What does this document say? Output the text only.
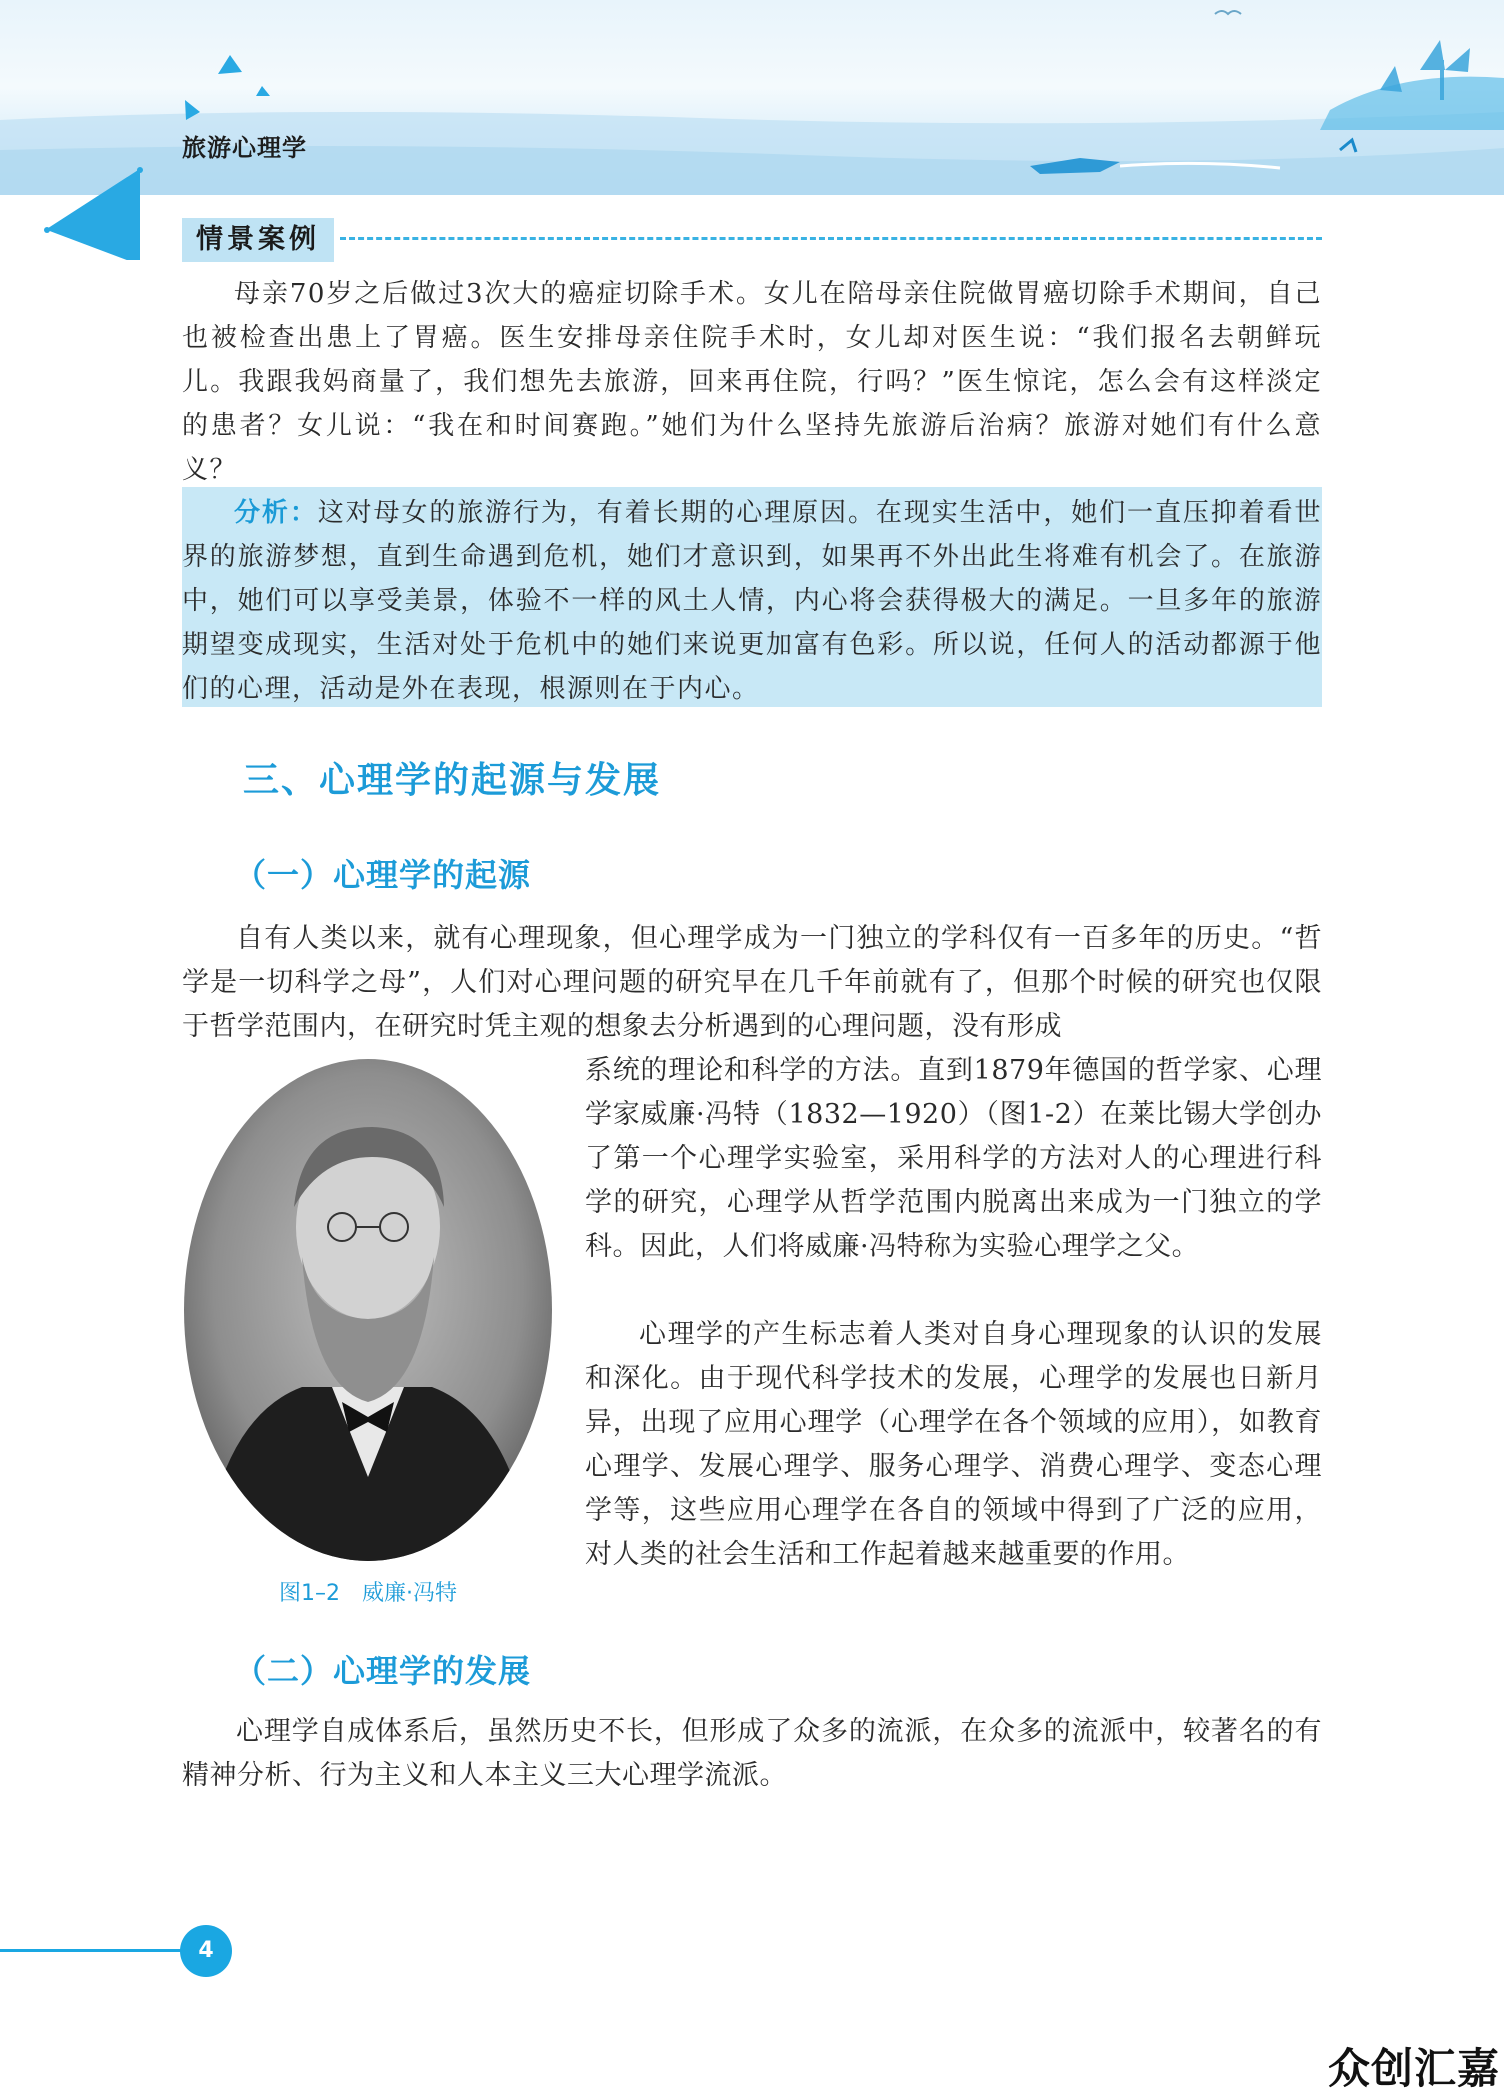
旅游心理学
情景案例

母亲70岁之后做过3次大的癌症切除手术。女儿在陪母亲住院做胃癌切除手术期间，自己也被检查出患上了胃癌。医生安排母亲住院手术时，女儿却对医生说：“我们报名去朝鲜玩儿。我跟我妈商量了，我们想先去旅游，回来再住院，行吗？”医生惊诧，怎么会有这样淡定的患者？女儿说：“我在和时间赛跑。”她们为什么坚持先旅游后治病？旅游对她们有什么意义？

分析：这对母女的旅游行为，有着长期的心理原因。在现实生活中，她们一直压抑着看世界的旅游梦想，直到生命遇到危机，她们才意识到，如果再不外出此生将难有机会了。在旅游中，她们可以享受美景，体验不一样的风土人情，内心将会获得极大的满足。一旦多年的旅游期望变成现实，生活对处于危机中的她们来说更加富有色彩。所以说，任何人的活动都源于他们的心理，活动是外在表现，根源则在于内心。
三、心理学的起源与发展
（一）心理学的起源

自有人类以来，就有心理现象，但心理学成为一门独立的学科仅有一百多年的历史。“哲学是一切科学之母”，人们对心理问题的研究早在几千年前就有了，但那个时候的研究也仅限于哲学范围内，在研究时凭主观的想象去分析遇到的心理问题，没有形成

系统的理论和科学的方法。直到1879年德国的哲学家、心理学家威廉·冯特（1832—1920）（图1-2）在莱比锡大学创办了第一个心理学实验室，采用科学的方法对人的心理进行科学的研究，心理学从哲学范围内脱离出来成为一门独立的学科。因此，人们将威廉·冯特称为实验心理学之父。

图1–2　威廉·冯特

心理学的产生标志着人类对自身心理现象的认识的发展和深化。由于现代科学技术的发展，心理学的发展也日新月异，出现了应用心理学（心理学在各个领域的应用），如教育心理学、发展心理学、服务心理学、消费心理学、变态心理学等，这些应用心理学在各自的领域中得到了广泛的应用，对人类的社会生活和工作起着越来越重要的作用。

（二）心理学的发展

心理学自成体系后，虽然历史不长，但形成了众多的流派，在众多的流派中，较著名的有精神分析、行为主义和人本主义三大心理学流派。

4
众创汇嘉
